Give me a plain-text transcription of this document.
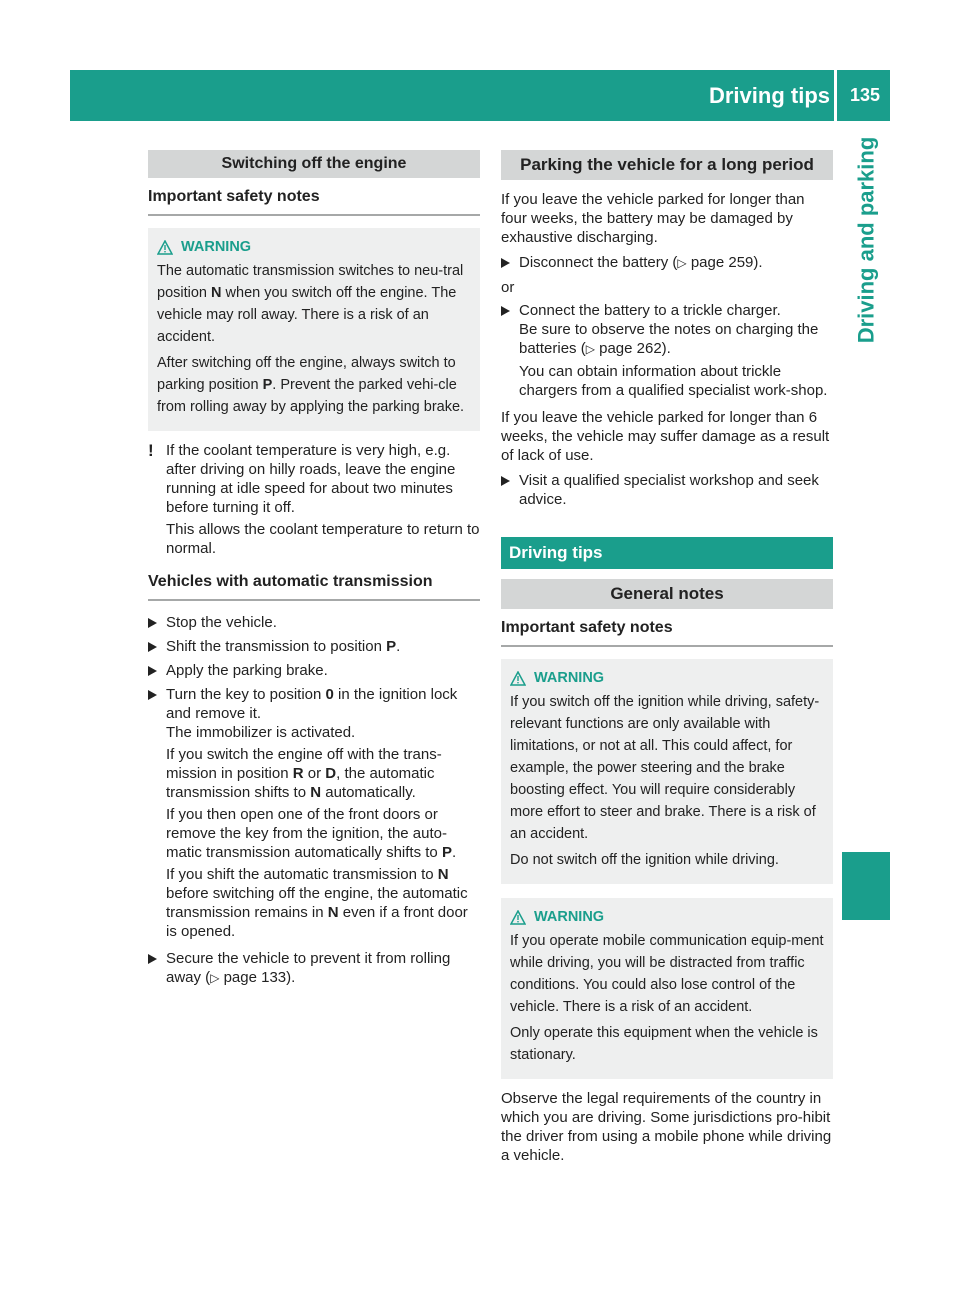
Driving tips	135
Driving and parking
Switching off the engine
Important safety notes
WARNING

The automatic transmission switches to neu-tral position N when you switch off the engine. The vehicle may roll away. There is a risk of an accident.

After switching off the engine, always switch to parking position P. Prevent the parked vehi-cle from rolling away by applying the parking brake.

! If the coolant temperature is very high, e.g. after driving on hilly roads, leave the engine running at idle speed for about two minutes before turning it off.
This allows the coolant temperature to return to normal.
Vehicles with automatic transmission
Stop the vehicle.
Shift the transmission to position P.
Apply the parking brake.
Turn the key to position 0 in the ignition lock and remove it.
The immobilizer is activated.
If you switch the engine off with the trans-mission in position R or D, the automatic transmission shifts to N automatically.
If you then open one of the front doors or remove the key from the ignition, the auto-matic transmission automatically shifts to P.
If you shift the automatic transmission to N before switching off the engine, the automatic transmission remains in N even if a front door is opened.
Secure the vehicle to prevent it from rolling away (▷ page 133).
Parking the vehicle for a long period

If you leave the vehicle parked for longer than four weeks, the battery may be damaged by exhaustive discharging.

Disconnect the battery (▷ page 259).
or
Connect the battery to a trickle charger.
Be sure to observe the notes on charging the batteries (▷ page 262).
You can obtain information about trickle chargers from a qualified specialist work-shop.

If you leave the vehicle parked for longer than 6 weeks, the vehicle may suffer damage as a result of lack of use.

Visit a qualified specialist workshop and seek advice.
Driving tips
General notes
Important safety notes
WARNING

If you switch off the ignition while driving, safety-relevant functions are only available with limitations, or not at all. This could affect, for example, the power steering and the brake boosting effect. You will require considerably more effort to steer and brake. There is a risk of an accident.

Do not switch off the ignition while driving.

WARNING

If you operate mobile communication equip-ment while driving, you will be distracted from traffic conditions. You could also lose control of the vehicle. There is a risk of an accident.

Only operate this equipment when the vehicle is stationary.

Observe the legal requirements of the country in which you are driving. Some jurisdictions pro-hibit the driver from using a mobile phone while driving a vehicle.
